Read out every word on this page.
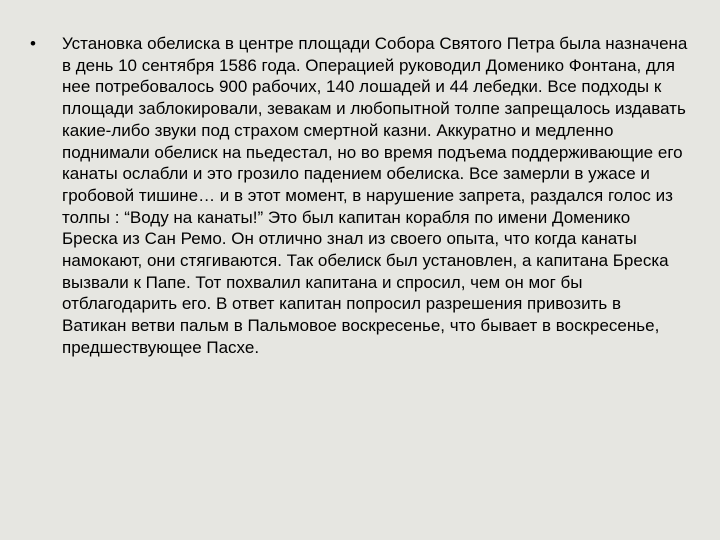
•	Установка обелиска в центре площади Собора Святого Петра была назначена в день 10 сентября 1586 года. Операцией руководил Доменико Фонтана, для нее потребовалось 900 рабочих, 140 лошадей и 44 лебедки. Все подходы к площади заблокировали, зевакам и любопытной толпе запрещалось издавать какие-либо звуки под страхом смертной казни. Аккуратно и медленно поднимали обелиск на пьедестал, но во время подъема поддерживающие его канаты ослабли и это грозило падением обелиска. Все замерли в ужасе и гробовой тишине… и в этот момент, в нарушение запрета, раздался голос из толпы : “Воду на канаты!” Это был капитан корабля по имени Доменико Бреска из Сан Ремо. Он отлично знал из своего опыта, что когда канаты намокают, они стягиваются. Так обелиск был установлен, а капитана Бреска вызвали к Папе. Тот похвалил капитана и спросил, чем он мог бы отблагодарить его. В ответ капитан попросил разрешения привозить в Ватикан ветви пальм в Пальмовое воскресенье, что бывает в воскресенье, предшествующее Пасхе.
